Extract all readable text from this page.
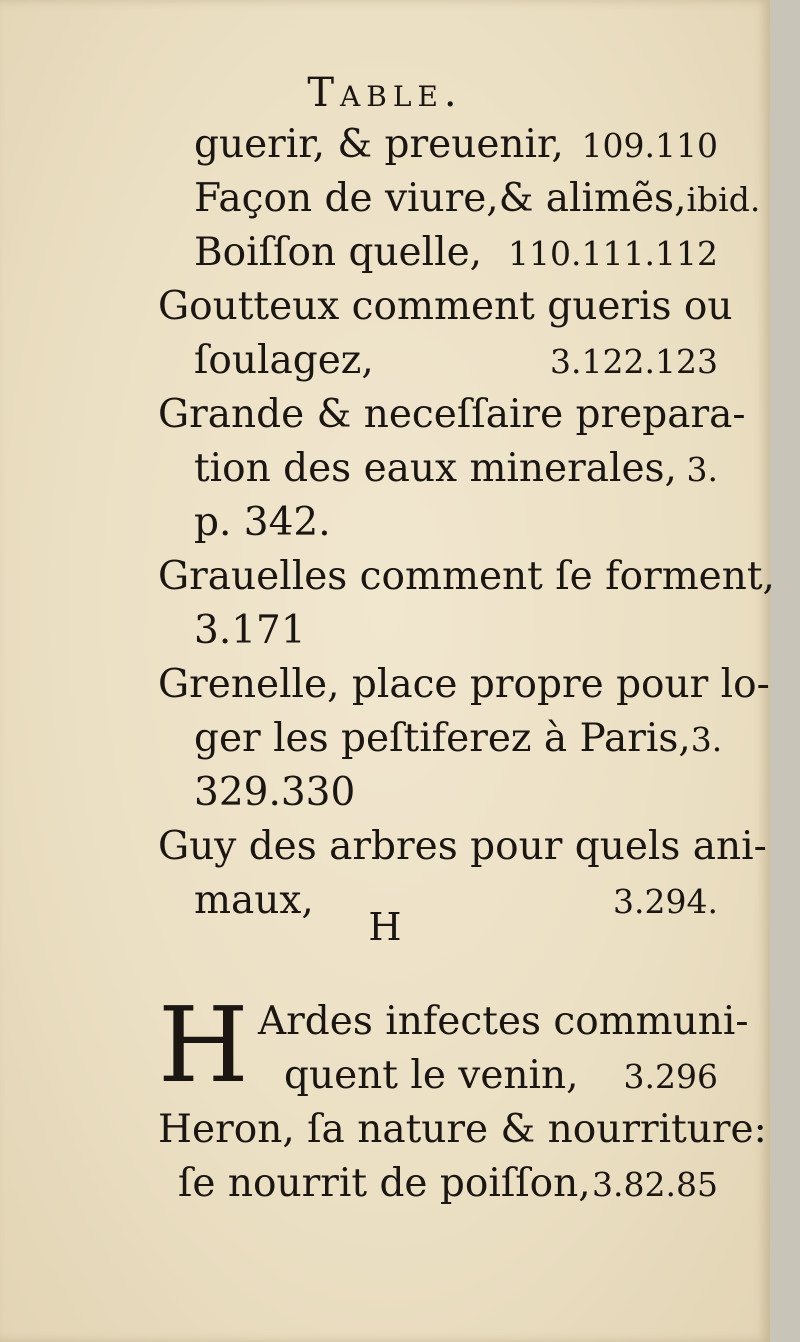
Table.
guerir, & preuenir, 109.110
Façon de viure,& alimẽs, ibid.
Boiſſon quelle, 110.111.112
Goutteux comment gueris ou
ſoulagez,	3.122.123
Grande & neceſſaire prepara-
tion des eaux minerales, 3.
p. 342.
Grauelles comment ſe forment,
3.171
Grenelle, place propre pour lo-
ger les peſtiferez à Paris, 3.
329.330
Guy des arbres pour quels ani-
maux,	3.294.
H
H Ardes infectes communi-
quent le venin, 3.296
Heron, ſa nature & nourriture:
ſe nourrit de poiſſon, 3.82.85
